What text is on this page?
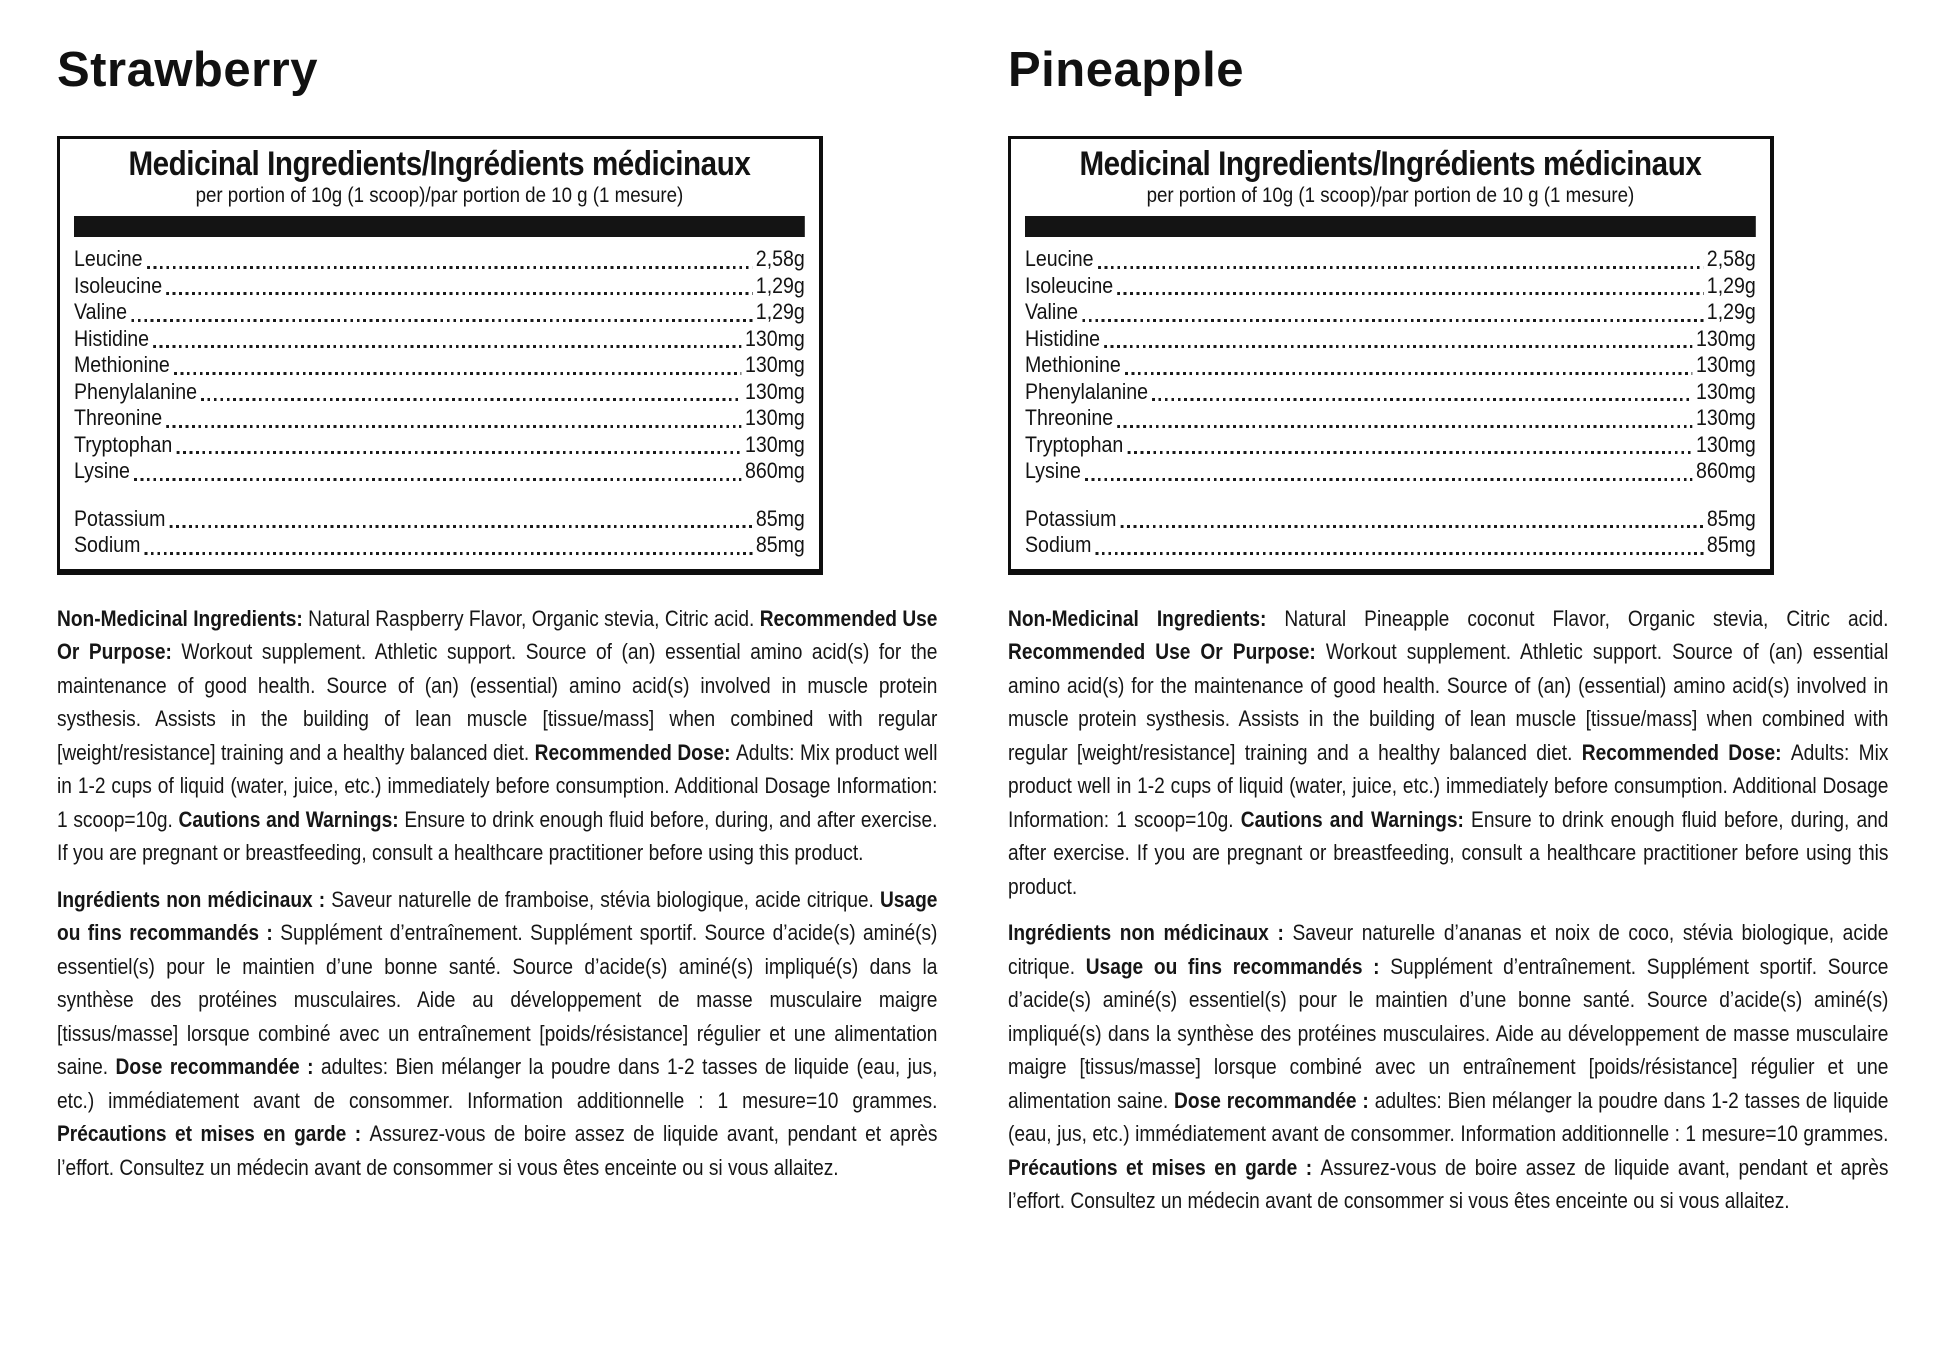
Strawberry
Medicinal Ingredients/Ingrédients médicinaux
per portion of 10g (1 scoop)/par portion de 10 g (1 mesure)
Leucine	2,58g
Isoleucine	1,29g
Valine	1,29g
Histidine	130mg
Methionine	130mg
Phenylalanine	130mg
Threonine	130mg
Tryptophan	130mg
Lysine	860mg
Potassium	85mg
Sodium	85mg

Non-Medicinal Ingredients: Natural Raspberry Flavor, Organic stevia, Citric acid. Recommended Use Or Purpose: Workout supplement. Athletic support. Source of (an) essential amino acid(s) for the maintenance of good health. Source of (an) (essential) amino acid(s) involved in muscle protein systhesis. Assists in the building of lean muscle [tissue/mass] when combined with regular [weight/resistance] training and a healthy balanced diet. Recommended Dose: Adults: Mix product well in 1-2 cups of liquid (water, juice, etc.) immediately before consumption. Additional Dosage Information: 1 scoop=10g. Cautions and Warnings: Ensure to drink enough fluid before, during, and after exercise. If you are pregnant or breastfeeding, consult a healthcare practitioner before using this product.

Ingrédients non médicinaux : Saveur naturelle de framboise, stévia biologique, acide citrique. Usage ou fins recommandés : Supplément d’entraînement. Supplément sportif. Source d’acide(s) aminé(s) essentiel(s) pour le maintien d’une bonne santé. Source d’acide(s) aminé(s) impliqué(s) dans la synthèse des protéines musculaires. Aide au développement de masse musculaire maigre [tissus/masse] lorsque combiné avec un entraînement [poids/résistance] régulier et une alimentation saine. Dose recommandée : adultes: Bien mélanger la poudre dans 1-2 tasses de liquide (eau, jus, etc.) immédiatement avant de consommer. Information additionnelle : 1 mesure=10 grammes. Précautions et mises en garde : Assurez-vous de boire assez de liquide avant, pendant et après l’effort. Consultez un médecin avant de consommer si vous êtes enceinte ou si vous allaitez.

Pineapple
Medicinal Ingredients/Ingrédients médicinaux
per portion of 10g (1 scoop)/par portion de 10 g (1 mesure)
Leucine	2,58g
Isoleucine	1,29g
Valine	1,29g
Histidine	130mg
Methionine	130mg
Phenylalanine	130mg
Threonine	130mg
Tryptophan	130mg
Lysine	860mg
Potassium	85mg
Sodium	85mg

Non-Medicinal Ingredients: Natural Pineapple coconut Flavor, Organic stevia, Citric acid. Recommended Use Or Purpose: Workout supplement. Athletic support. Source of (an) essential amino acid(s) for the maintenance of good health. Source of (an) (essential) amino acid(s) involved in muscle protein systhesis. Assists in the building of lean muscle [tissue/mass] when combined with regular [weight/resistance] training and a healthy balanced diet. Recommended Dose: Adults: Mix product well in 1-2 cups of liquid (water, juice, etc.) immediately before consumption. Additional Dosage Information: 1 scoop=10g. Cautions and Warnings: Ensure to drink enough fluid before, during, and after exercise. If you are pregnant or breastfeeding, consult a healthcare practitioner before using this product.

Ingrédients non médicinaux : Saveur naturelle d’ananas et noix de coco, stévia biologique, acide citrique. Usage ou fins recommandés : Supplément d’entraînement. Supplément sportif. Source d’acide(s) aminé(s) essentiel(s) pour le maintien d’une bonne santé. Source d’acide(s) aminé(s) impliqué(s) dans la synthèse des protéines musculaires. Aide au développement de masse musculaire maigre [tissus/masse] lorsque combiné avec un entraînement [poids/résistance] régulier et une alimentation saine. Dose recommandée : adultes: Bien mélanger la poudre dans 1-2 tasses de liquide (eau, jus, etc.) immédiatement avant de consommer. Information additionnelle : 1 mesure=10 grammes. Précautions et mises en garde : Assurez-vous de boire assez de liquide avant, pendant et après l’effort. Consultez un médecin avant de consommer si vous êtes enceinte ou si vous allaitez.
